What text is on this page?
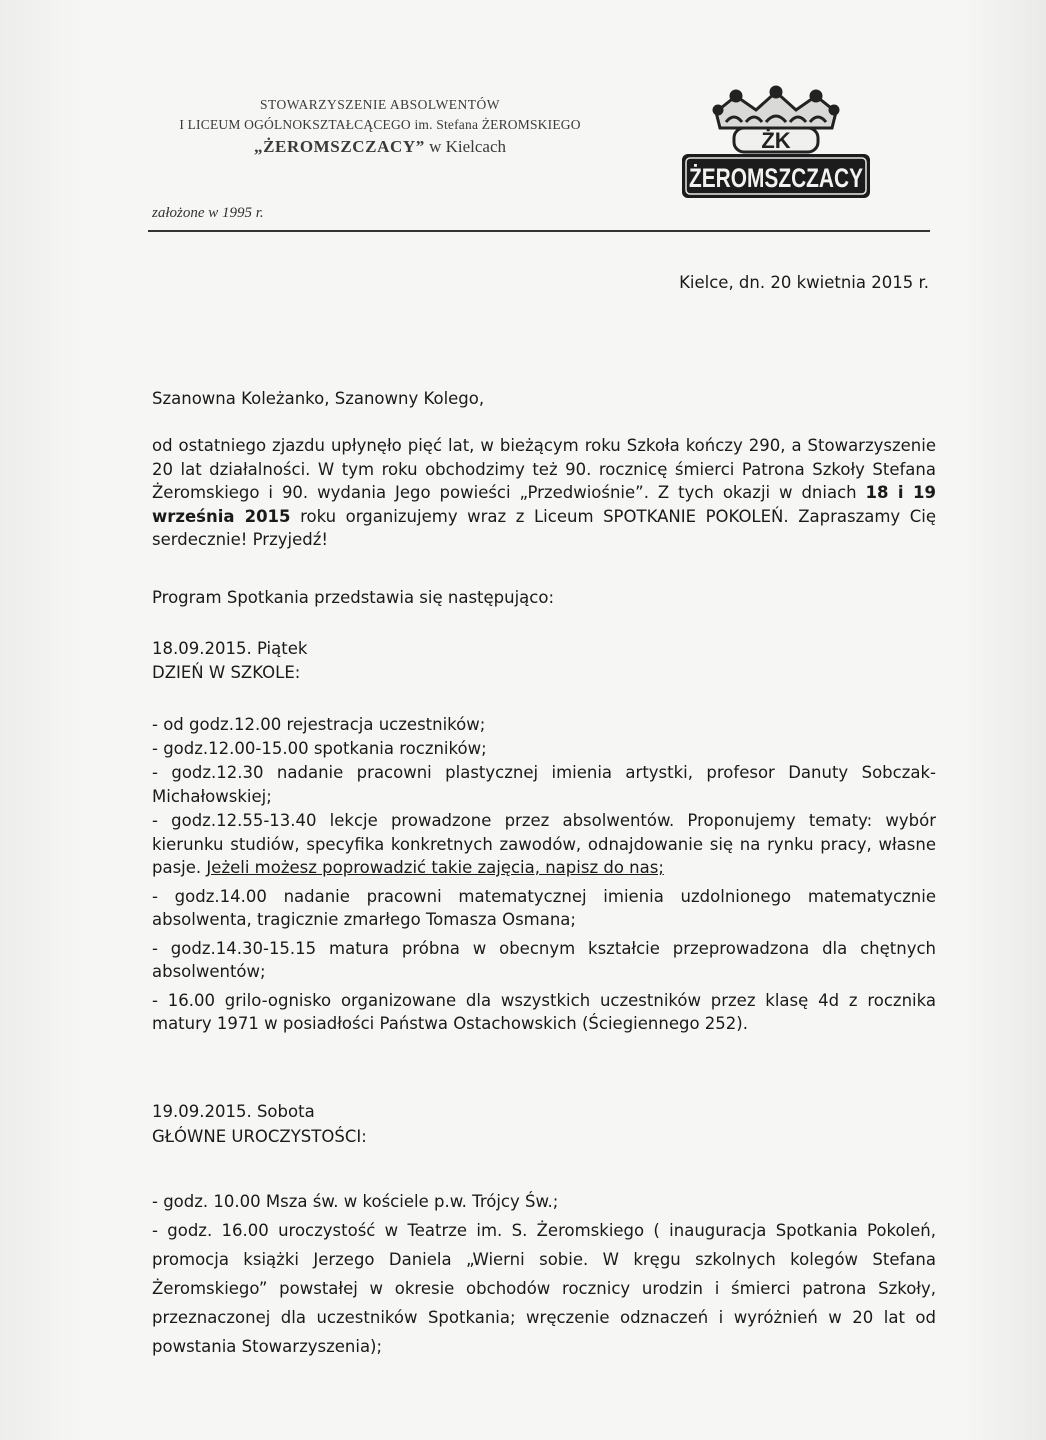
STOWARZYSZENIE ABSOLWENTÓW
I LICEUM OGÓLNOKSZTAŁCĄCEGO im. Stefana ŻEROMSKIEGO
„ŻEROMSZCZACY” w Kielcach
założone w 1995 r.
ŻK
ŻEROMSZCZACY
Kielce, dn. 20 kwietnia 2015 r.
Szanowna Koleżanko, Szanowny Kolego,
od ostatniego zjazdu upłynęło pięć lat, w bieżącym roku Szkoła kończy 290, a Stowarzyszenie 20 lat działalności. W tym roku obchodzimy też 90. rocznicę śmierci Patrona Szkoły Stefana Żeromskiego i 90. wydania Jego powieści „Przedwiośnie”. Z tych okazji w dniach 18 i 19 września 2015 roku organizujemy wraz z Liceum SPOTKANIE POKOLEŃ. Zapraszamy Cię serdecznie! Przyjedź!
Program Spotkania przedstawia się następująco:
18.09.2015. Piątek
DZIEŃ W SZKOLE:
- od godz.12.00 rejestracja uczestników;
- godz.12.00-15.00 spotkania roczników;
- godz.12.30 nadanie pracowni plastycznej imienia artystki, profesor Danuty Sobczak-Michałowskiej;
- godz.12.55-13.40 lekcje prowadzone przez absolwentów. Proponujemy tematy: wybór kierunku studiów, specyfika konkretnych zawodów, odnajdowanie się na rynku pracy, własne pasje. Jeżeli możesz poprowadzić takie zajęcia, napisz do nas;
- godz.14.00 nadanie pracowni matematycznej imienia uzdolnionego matematycznie absolwenta, tragicznie zmarłego Tomasza Osmana;
- godz.14.30-15.15 matura próbna w obecnym kształcie przeprowadzona dla chętnych absolwentów;
- 16.00 grilo-ognisko organizowane dla wszystkich uczestników przez klasę 4d z rocznika matury 1971 w posiadłości Państwa Ostachowskich (Ściegiennego 252).
19.09.2015. Sobota
GŁÓWNE UROCZYSTOŚCI:
- godz. 10.00 Msza św. w kościele p.w. Trójcy Św.;
- godz. 16.00 uroczystość w Teatrze im. S. Żeromskiego ( inauguracja Spotkania Pokoleń, promocja książki Jerzego Daniela „Wierni sobie. W kręgu szkolnych kolegów Stefana Żeromskiego” powstałej w okresie obchodów rocznicy urodzin i śmierci patrona Szkoły, przeznaczonej dla uczestników Spotkania; wręczenie odznaczeń i wyróżnień w 20 lat od powstania Stowarzyszenia);
